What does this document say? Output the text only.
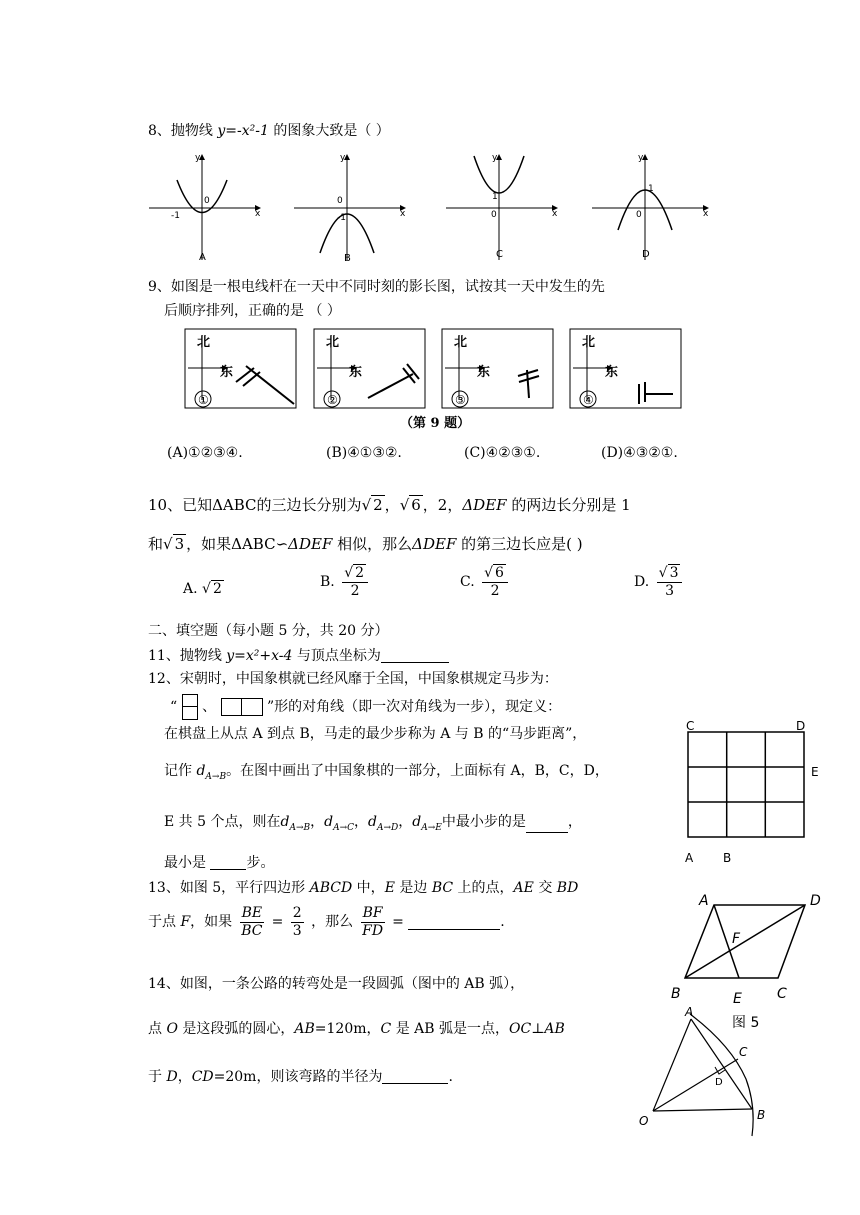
8、抛物线 y=-x²-1 的图象大致是（ ）
y
x
0
-1
A
y
x
0
-1
B
y
x
0
1
C
y
x
0
1
D
9、如图是一根电线杆在一天中不同时刻的影长图，试按其一天中发生的先
后顺序排列，正确的是 （ ）
北
东
①
北
东
②
北
东
③
北
东
④
（第 9 题）
(A)①②③④.	(B)④①③②.	(C)④②③①.	(D)④③②①.
10、已知ΔABC的三边长分别为√ 2 ，√ 6 ，2，ΔDEF 的两边长分别是 1
和√ 3 ，如果ΔABC∽ΔDEF 相似，那么ΔDEF 的第三边长应是( )
A. √ 2	B. $\frac{√ 2}{2}$	C. $\frac{√ 6}{2}$	D. $\frac{√ 3}{3}$
二、填空题（每小题 5 分，共 20 分）
11、抛物线 y=x²+x-4 与顶点坐标为
12、宋朝时，中国象棋就已经风靡于全国，中国象棋规定马步为：
“ 、	”形的对角线（即一次对角线为一步），现定义：
在棋盘上从点 A 到点 B，马走的最少步称为 A 与 B 的“马步距离”，
记作 $d_{A\to B}$。在图中画出了中国象棋的一部分，上面标有 A，B，C，D，
E 共 5 个点，则在$d_{A\to B}$，$d_{A\to C}$，$d_{A\to D}$，$d_{A\to E}$中最小步的是	，
最小是	步。
C	D
E
A B
13、如图 5，平行四边形 ABCD 中，E 是边 BC 上的点，AE 交 BD
于点 F，如果 $\frac{BE}{BC} = \frac{2}{3}$ ，那么 $\frac{BF}{FD}$ =	.
A	D
B	E	C
F
图 5
14、如图，一条公路的转弯处是一段圆弧（图中的 AB 弧），
点 O 是这段弧的圆心，AB=120m，C 是 AB 弧是一点，OC⊥AB
于 D，CD=20m，则该弯路的半径为	.
A
C
D
O	B
